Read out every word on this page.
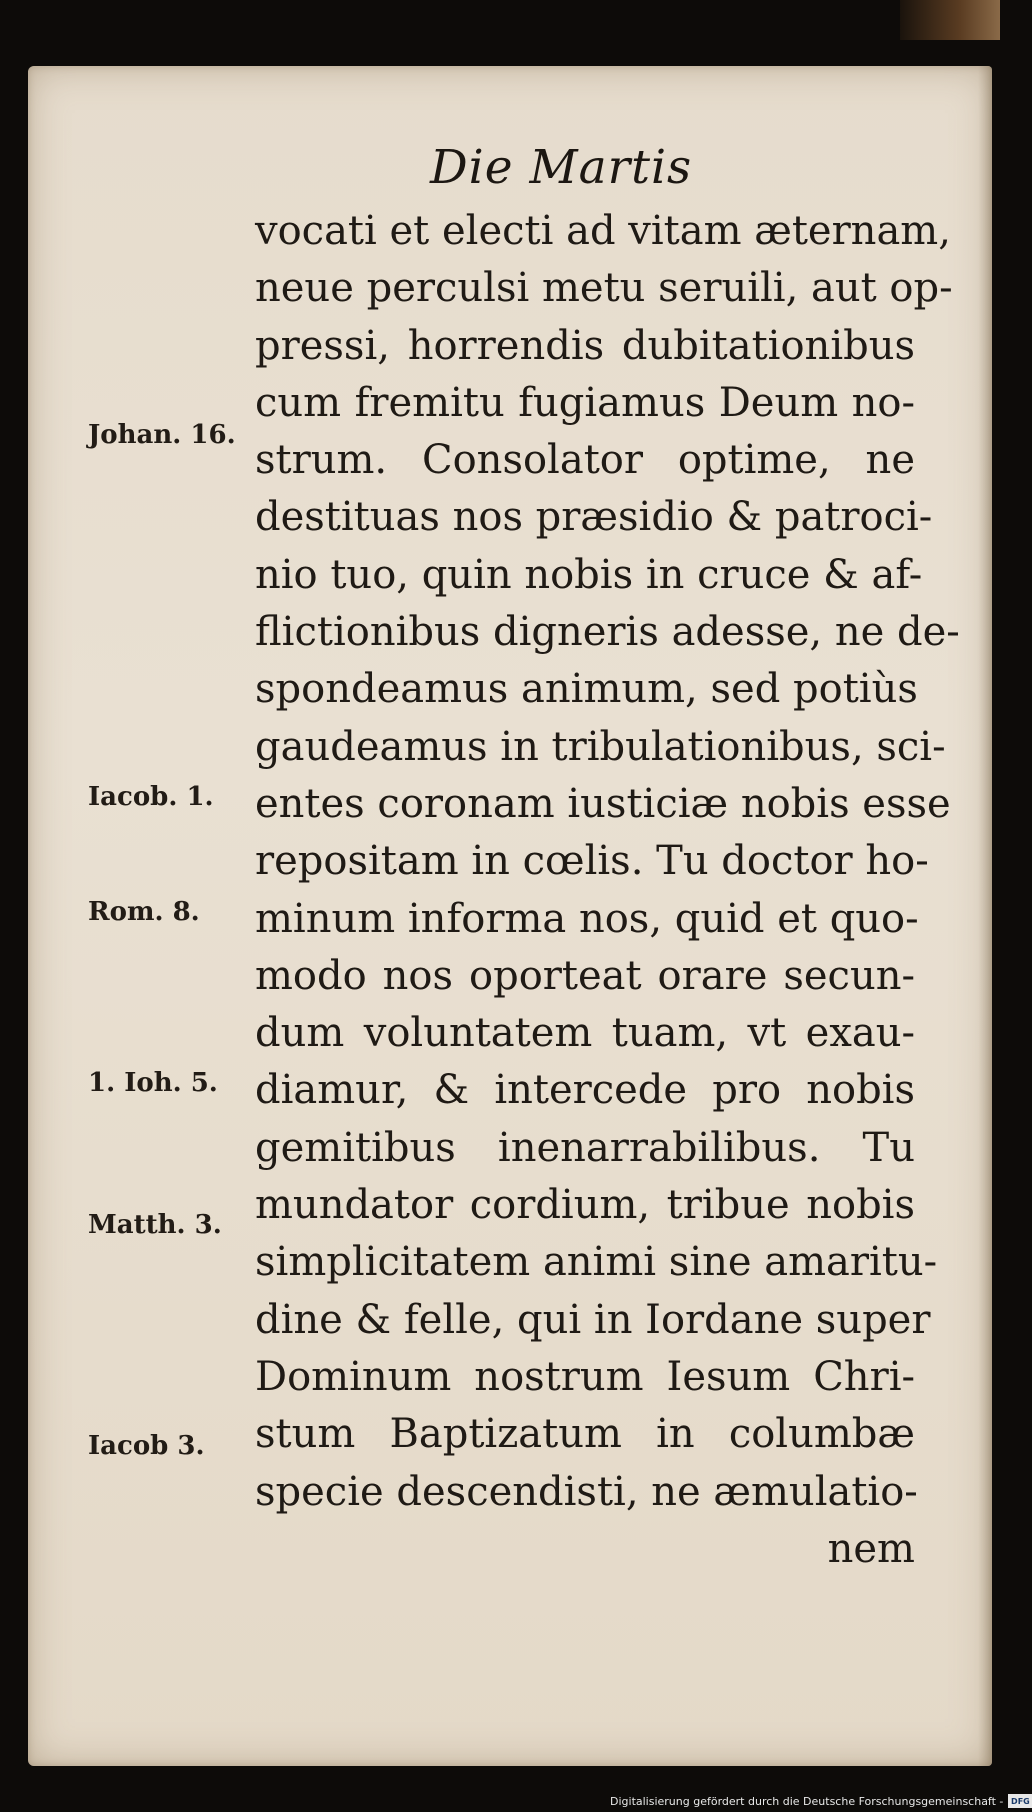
Die Martis
vocati et electi ad vitam æternam,
neue perculsi metu seruili, aut op-
pressi, horrendis dubitationibus
cum fremitu fugiamus Deum no-
strum. Consolator optime, ne
destituas nos præsidio & patroci-
nio tuo, quin nobis in cruce & af-
flictionibus digneris adesse, ne de-
spondeamus animum, sed potiùs
gaudeamus in tribulationibus, sci-
entes coronam iusticiæ nobis esse
repositam in cœlis. Tu doctor ho-
minum informa nos, quid et quo-
modo nos oporteat orare secun-
dum voluntatem tuam, vt exau-
diamur, & intercede pro nobis
gemitibus inenarrabilibus. Tu
mundator cordium, tribue nobis
simplicitatem animi sine amaritu-
dine & felle, qui in Iordane super
Dominum nostrum Iesum Chri-
stum Baptizatum in columbæ
specie descendisti, ne æmulatio-
nem
Johan. 16.
Iacob. 1.
Rom. 8.
1. Ioh. 5.
Matth. 3.
Iacob 3.
Digitalisierung gefördert durch die Deutsche Forschungsgemeinschaft - DFG
